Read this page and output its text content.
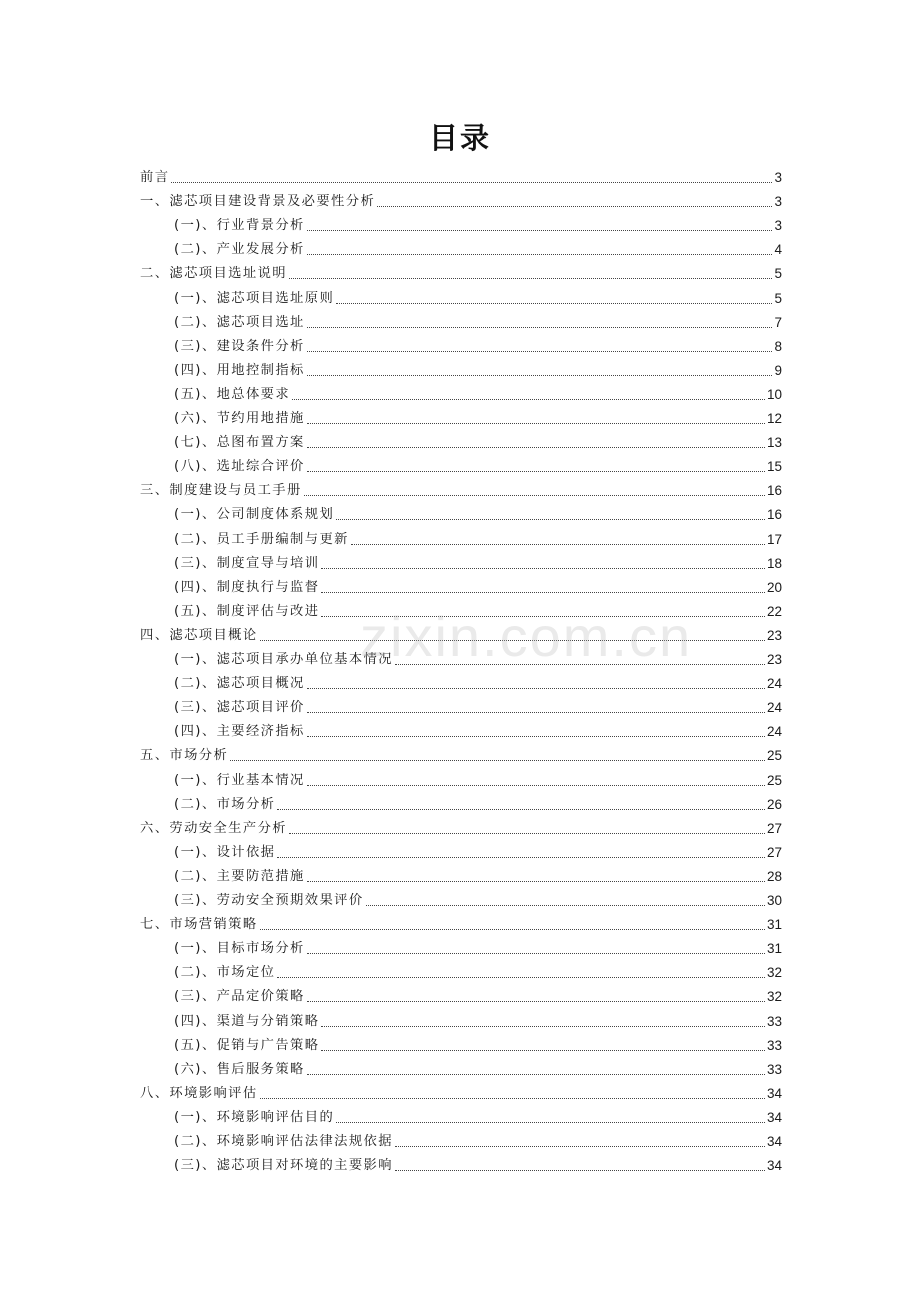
目录
前言	3
一、滤芯项目建设背景及必要性分析	3
(一)、行业背景分析	3
(二)、产业发展分析	4
二、滤芯项目选址说明	5
(一)、滤芯项目选址原则	5
(二)、滤芯项目选址	7
(三)、建设条件分析	8
(四)、用地控制指标	9
(五)、地总体要求	10
(六)、节约用地措施	12
(七)、总图布置方案	13
(八)、选址综合评价	15
三、制度建设与员工手册	16
(一)、公司制度体系规划	16
(二)、员工手册编制与更新	17
(三)、制度宣导与培训	18
(四)、制度执行与监督	20
(五)、制度评估与改进	22
四、滤芯项目概论	23
(一)、滤芯项目承办单位基本情况	23
(二)、滤芯项目概况	24
(三)、滤芯项目评价	24
(四)、主要经济指标	24
五、市场分析	25
(一)、行业基本情况	25
(二)、市场分析	26
六、劳动安全生产分析	27
(一)、设计依据	27
(二)、主要防范措施	28
(三)、劳动安全预期效果评价	30
七、市场营销策略	31
(一)、目标市场分析	31
(二)、市场定位	32
(三)、产品定价策略	32
(四)、渠道与分销策略	33
(五)、促销与广告策略	33
(六)、售后服务策略	33
八、环境影响评估	34
(一)、环境影响评估目的	34
(二)、环境影响评估法律法规依据	34
(三)、滤芯项目对环境的主要影响	34
zixin.com.cn
